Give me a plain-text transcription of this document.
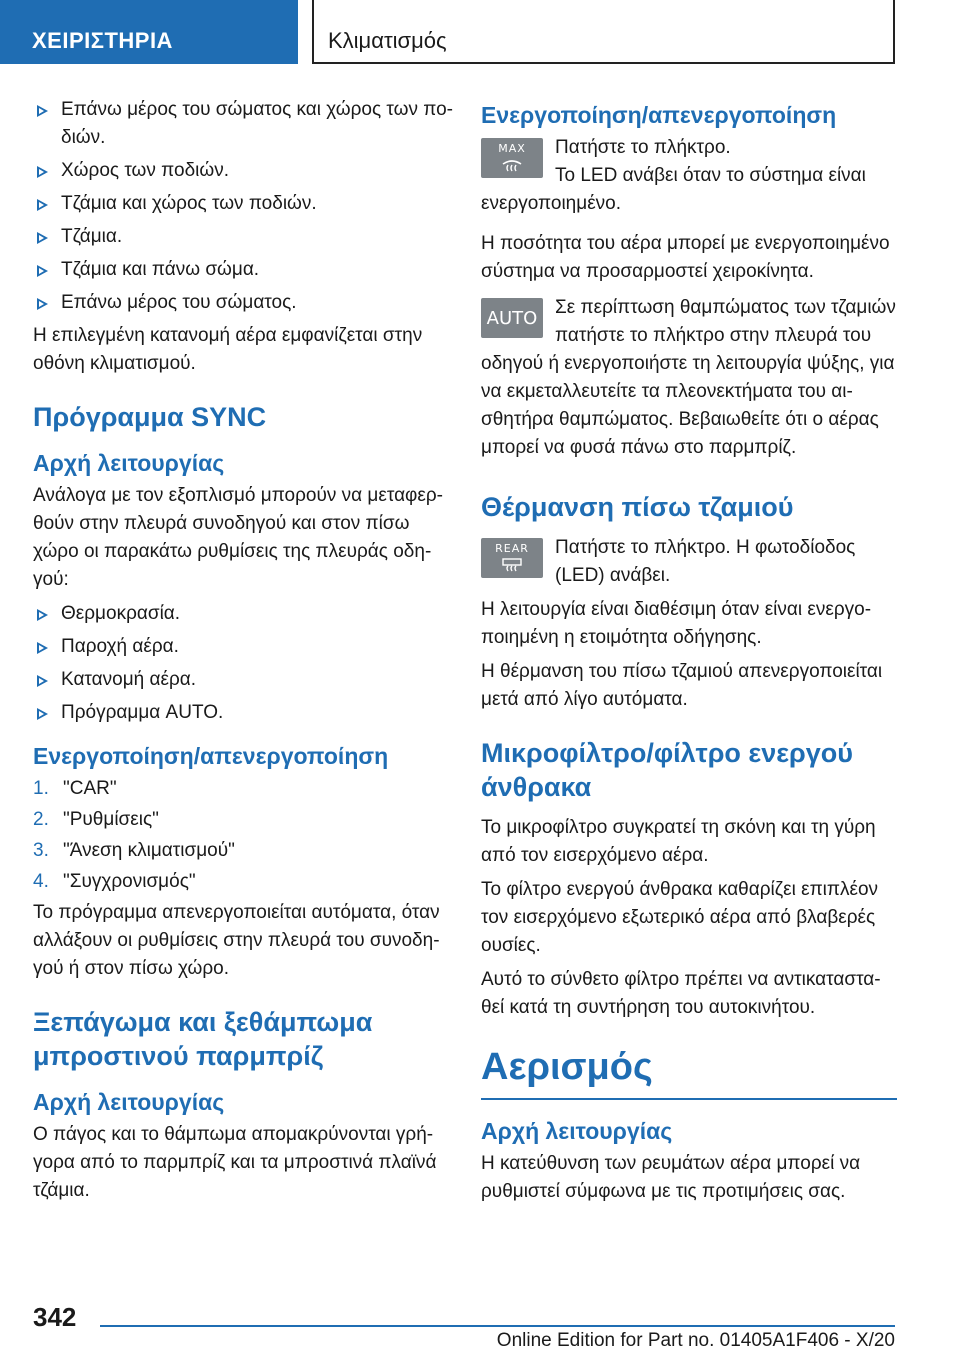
ΧΕΙΡΙΣΤΗΡΙΑ	Κλιματισμός

Επάνω μέρος του σώματος και χώρος των πο-διών.

Χώρος των ποδιών.

Τζάμια και χώρος των ποδιών.

Τζάμια.

Τζάμια και πάνω σώμα.

Επάνω μέρος του σώματος.

Η επιλεγμένη κατανομή αέρα εμφανίζεται στην οθόνη κλιματισμού.

Πρόγραμμα SYNC
Αρχή λειτουργίας

Ανάλογα με τον εξοπλισμό μπορούν να μεταφερ-θούν στην πλευρά συνοδηγού και στον πίσω χώρο οι παρακάτω ρυθμίσεις της πλευράς οδη-γού:

Θερμοκρασία.

Παροχή αέρα.

Κατανομή αέρα.

Πρόγραμμα AUTO.

Ενεργοποίηση/απενεργοποίηση

1. "CAR"

2. "Ρυθμίσεις"

3. "Άνεση κλιματισμού"

4. "Συγχρονισμός"

Το πρόγραμμα απενεργοποιείται αυτόματα, όταν αλλάξουν οι ρυθμίσεις στην πλευρά του συνοδη-γού ή στον πίσω χώρο.

Ξεπάγωμα και ξεθάμπωμα μπροστινού παρμπρίζ
Αρχή λειτουργίας

Ο πάγος και το θάμπωμα απομακρύνονται γρή-γορα από το παρμπρίζ και τα μπροστινά πλαϊνά τζάμια.

Ενεργοποίηση/απενεργοποίηση
MAX	Πατήστε το πλήκτρο.

Το LED ανάβει όταν το σύστημα είναι ενεργοποιημένο.

Η ποσότητα του αέρα μπορεί με ενεργοποιημένο σύστημα να προσαρμοστεί χειροκίνητα.

AUTO

Σε περίπτωση θαμπώματος των τζαμιών πατήστε το πλήκτρο στην πλευρά του οδηγού ή ενεργοποιήστε τη λειτουργία ψύξης, για να εκμεταλλευτείτε τα πλεονεκτήματα του αι-σθητήρα θαμπώματος. Βεβαιωθείτε ότι ο αέρας μπορεί να φυσά πάνω στο παρμπρίζ.

Θέρμανση πίσω τζαμιού
REAR	Πατήστε το πλήκτρο. Η φωτοδίοδος (LED) ανάβει.

Η λειτουργία είναι διαθέσιμη όταν είναι ενεργο-ποιημένη η ετοιμότητα οδήγησης.

Η θέρμανση του πίσω τζαμιού απενεργοποιείται μετά από λίγο αυτόματα.

Μικροφίλτρο/φίλτρο ενεργού άνθρακα

Το μικροφίλτρο συγκρατεί τη σκόνη και τη γύρη από τον εισερχόμενο αέρα.

Το φίλτρο ενεργού άνθρακα καθαρίζει επιπλέον τον εισερχόμενο εξωτερικό αέρα από βλαβερές ουσίες.

Αυτό το σύνθετο φίλτρο πρέπει να αντικαταστα-θεί κατά τη συντήρηση του αυτοκινήτου.

Αερισμός
Αρχή λειτουργίας

Η κατεύθυνση των ρευμάτων αέρα μπορεί να ρυθμιστεί σύμφωνα με τις προτιμήσεις σας.

342
Online Edition for Part no. 01405A1F406 - X/20
